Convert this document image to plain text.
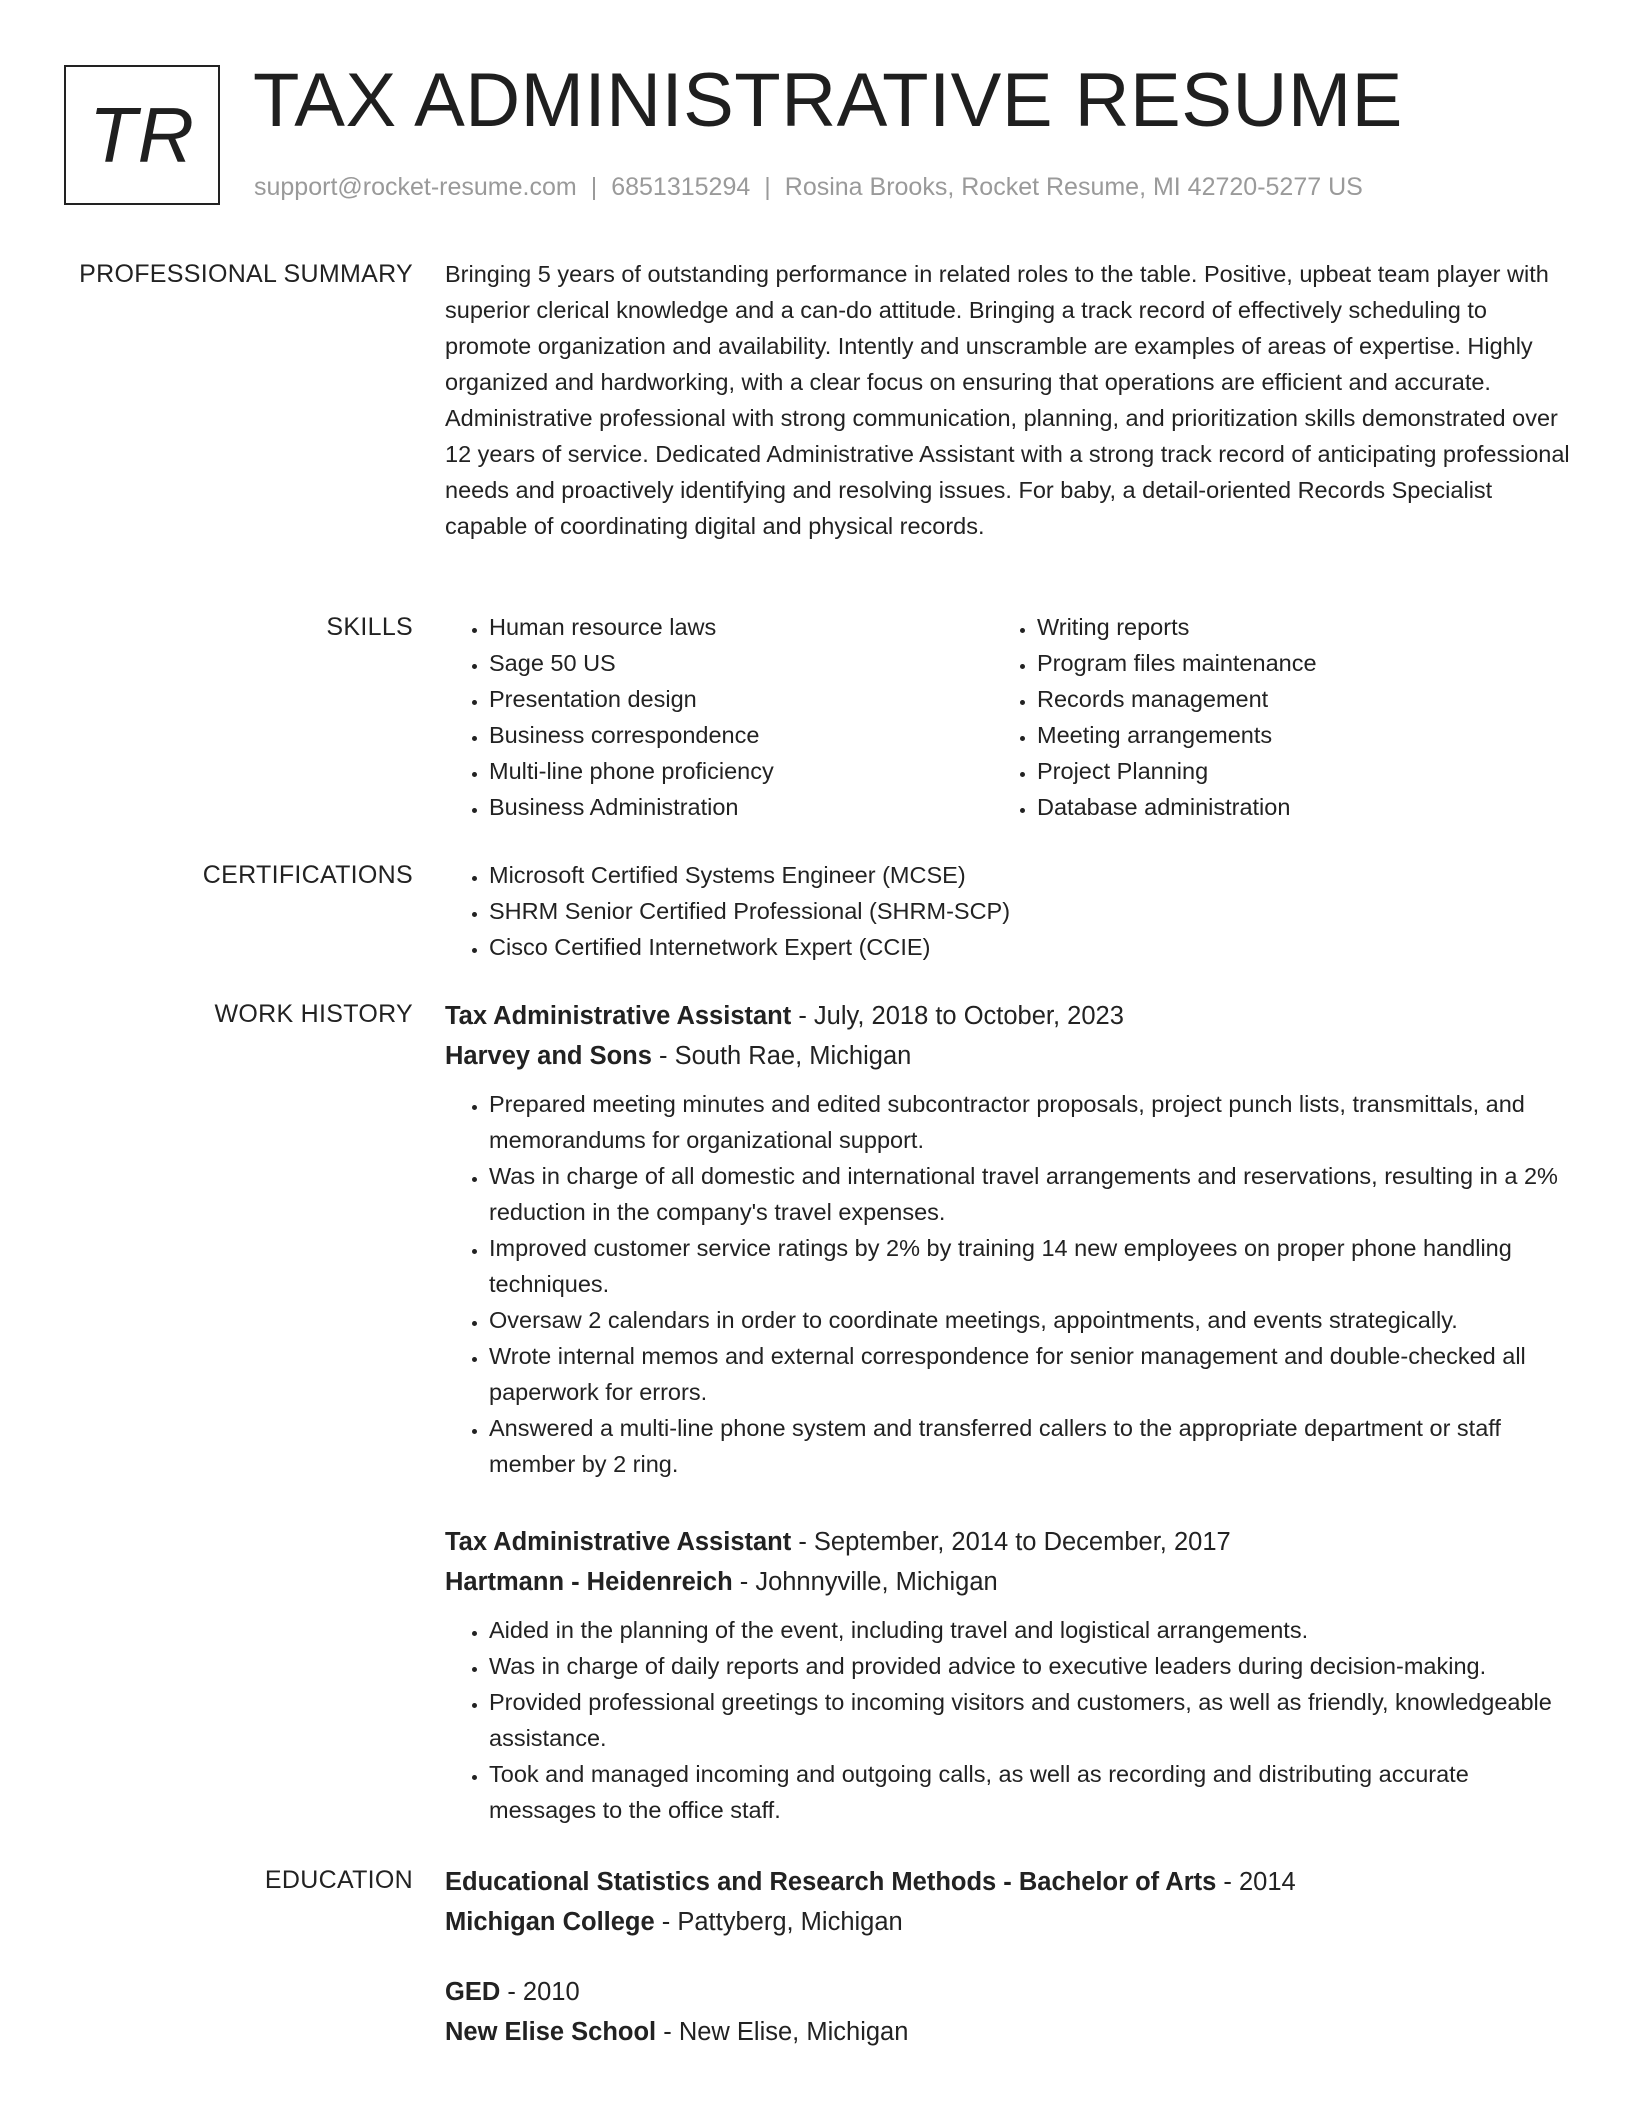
TR TAX ADMINISTRATIVE RESUME

support@rocket-resume.com | 6851315294 | Rosina Brooks, Rocket Resume, MI 42720-5277 US

PROFESSIONAL SUMMARY Bringing 5 years of outstanding performance in related roles to the table. Positive, upbeat team player with superior clerical knowledge and a can-do attitude. Bringing a track record of effectively scheduling to promote organization and availability. Intently and unscramble are examples of areas of expertise. Highly organized and hardworking, with a clear focus on ensuring that operations are efficient and accurate. Administrative professional with strong communication, planning, and prioritization skills demonstrated over 12 years of service. Dedicated Administrative Assistant with a strong track record of anticipating professional needs and proactively identifying and resolving issues. For baby, a detail-oriented Records Specialist capable of coordinating digital and physical records.

SKILLS	• Human resource laws
• Sage 50 US
• Presentation design
• Business correspondence
• Multi-line phone proficiency
• Business Administration
• Writing reports
• Program files maintenance
• Records management
• Meeting arrangements
• Project Planning
• Database administration
CERTIFICATIONS	• Microsoft Certified Systems Engineer (MCSE)
• SHRM Senior Certified Professional (SHRM-SCP)
• Cisco Certified Internetwork Expert (CCIE)
WORK HISTORY Tax Administrative Assistant - July, 2018 to October, 2023

Harvey and Sons - South Rae, Michigan

• Prepared meeting minutes and edited subcontractor proposals, project punch lists, transmittals, and memorandums for organizational support.
• Was in charge of all domestic and international travel arrangements and reservations, resulting in a 2% reduction in the company's travel expenses.
• Improved customer service ratings by 2% by training 14 new employees on proper phone handling techniques.
• Oversaw 2 calendars in order to coordinate meetings, appointments, and events strategically.
• Wrote internal memos and external correspondence for senior management and double-checked all paperwork for errors.
• Answered a multi-line phone system and transferred callers to the appropriate department or staff member by 2 ring.

Tax Administrative Assistant - September, 2014 to December, 2017

Hartmann - Heidenreich - Johnnyville, Michigan

• Aided in the planning of the event, including travel and logistical arrangements.
• Was in charge of daily reports and provided advice to executive leaders during decision-making.
• Provided professional greetings to incoming visitors and customers, as well as friendly, knowledgeable assistance.
• Took and managed incoming and outgoing calls, as well as recording and distributing accurate messages to the office staff.
EDUCATION Educational Statistics and Research Methods - Bachelor of Arts - 2014

Michigan College - Pattyberg, Michigan

GED - 2010

New Elise School - New Elise, Michigan
